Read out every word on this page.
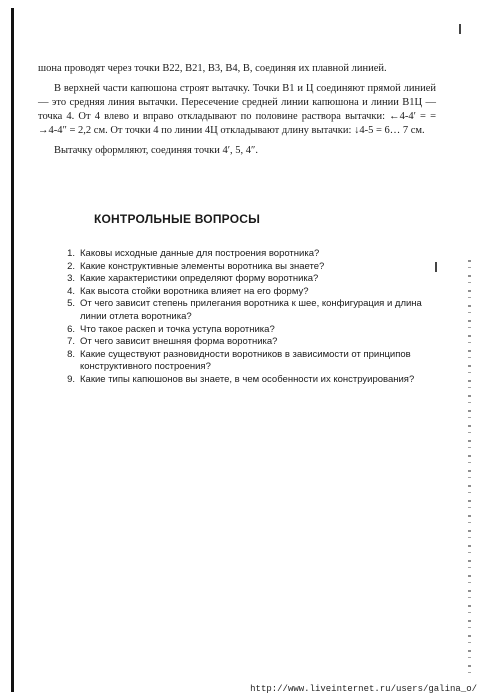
шона проводят через точки В22, В21, В3, В4, В, соединяя их плавной линией.

В верхней части капюшона строят вытачку. Точки В1 и Ц соединяют прямой линией — это средняя линия вытачки. Пересечение средней линии капюшона и линии В1Ц — точка 4. От 4 влево и вправо откладывают по половине раствора вытачки: ←4-4′ = = →4-4″ = 2,2 см. От точки 4 по линии 4Ц откладывают длину вытачки: ↓4-5 = 6… 7 см.

Вытачку оформляют, соединяя точки 4′, 5, 4″.

КОНТРОЛЬНЫЕ ВОПРОСЫ
1. Каковы исходные данные для построения воротника?
2. Какие конструктивные элементы воротника вы знаете?
3. Какие характеристики определяют форму воротника?
4. Как высота стойки воротника влияет на его форму?
5. От чего зависит степень прилегания воротника к шее, конфигурация и длина линии отлета воротника?
6. Что такое раскеп и точка уступа воротника?
7. От чего зависит внешняя форма воротника?
8. Какие существуют разновидности воротников в зависимости от принципов конструктивного построения?
9. Какие типы капюшонов вы знаете, в чем особенности их конструирования?
http://www.liveinternet.ru/users/galina_o/
